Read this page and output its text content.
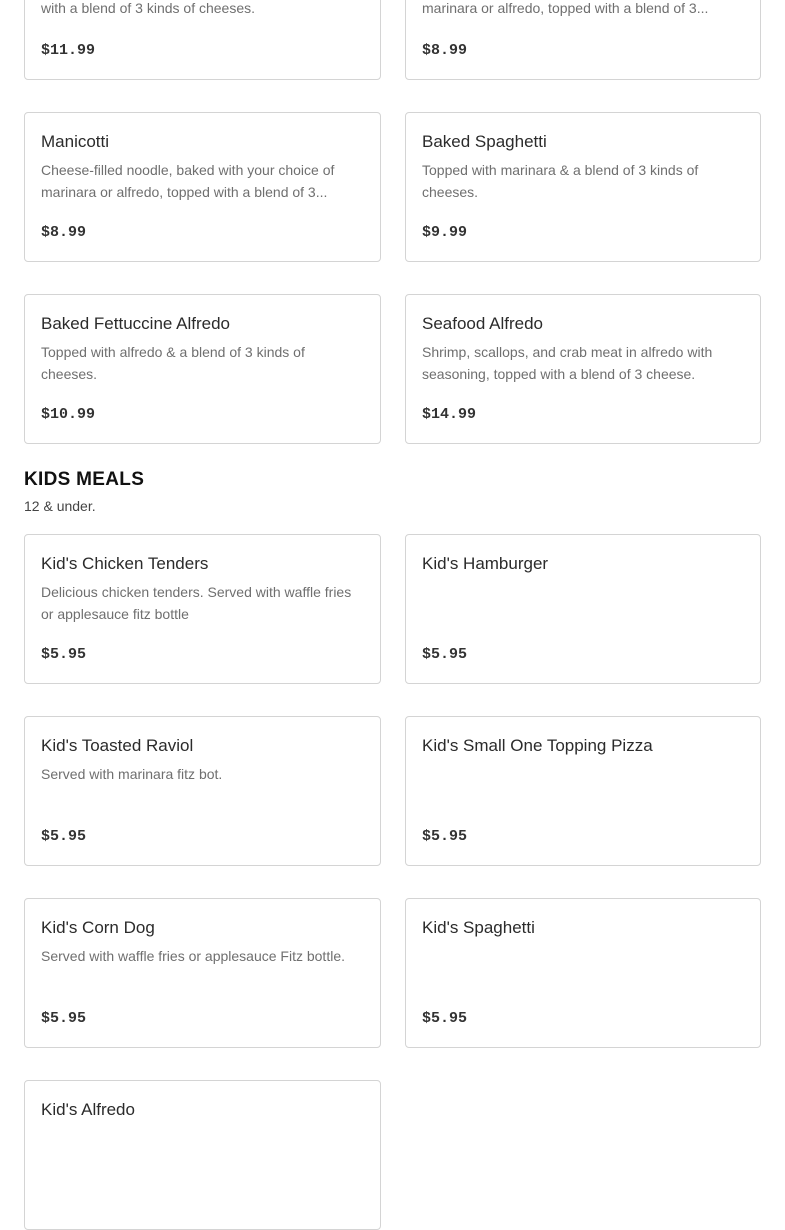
with a blend of 3 kinds of cheeses.
$11.99
marinara or alfredo, topped with a blend of 3...
$8.99
Manicotti
Cheese-filled noodle, baked with your choice of marinara or alfredo, topped with a blend of 3...
$8.99
Baked Spaghetti
Topped with marinara & a blend of 3 kinds of cheeses.
$9.99
Baked Fettuccine Alfredo
Topped with alfredo & a blend of 3 kinds of cheeses.
$10.99
Seafood Alfredo
Shrimp, scallops, and crab meat in alfredo with seasoning, topped with a blend of 3 cheese.
$14.99
KIDS MEALS
12 & under.
Kid's Chicken Tenders
Delicious chicken tenders. Served with waffle fries or applesauce fitz bottle
$5.95
Kid's Hamburger
$5.95
Kid's Toasted Raviol
Served with marinara fitz bot.
$5.95
Kid's Small One Topping Pizza
$5.95
Kid's Corn Dog
Served with waffle fries or applesauce Fitz bottle.
$5.95
Kid's Spaghetti
$5.95
Kid's Alfredo
